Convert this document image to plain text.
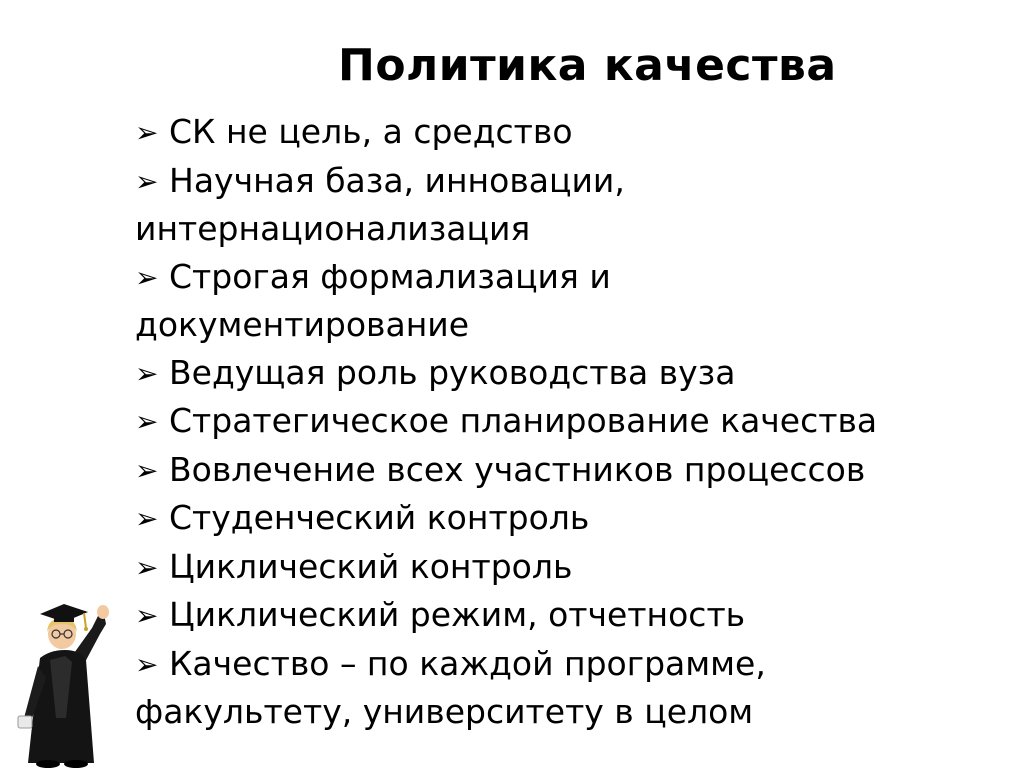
Политика качества
➢ СК не цель, а средство
➢ Научная база, инновации,
интернационализация
➢ Строгая формализация и
документирование
➢ Ведущая роль руководства вуза
➢ Стратегическое планирование качества
➢ Вовлечение всех участников процессов
➢ Студенческий контроль
➢ Циклический контроль
➢ Циклический режим, отчетность
➢ Качество – по каждой программе,
факультету, университету в целом
